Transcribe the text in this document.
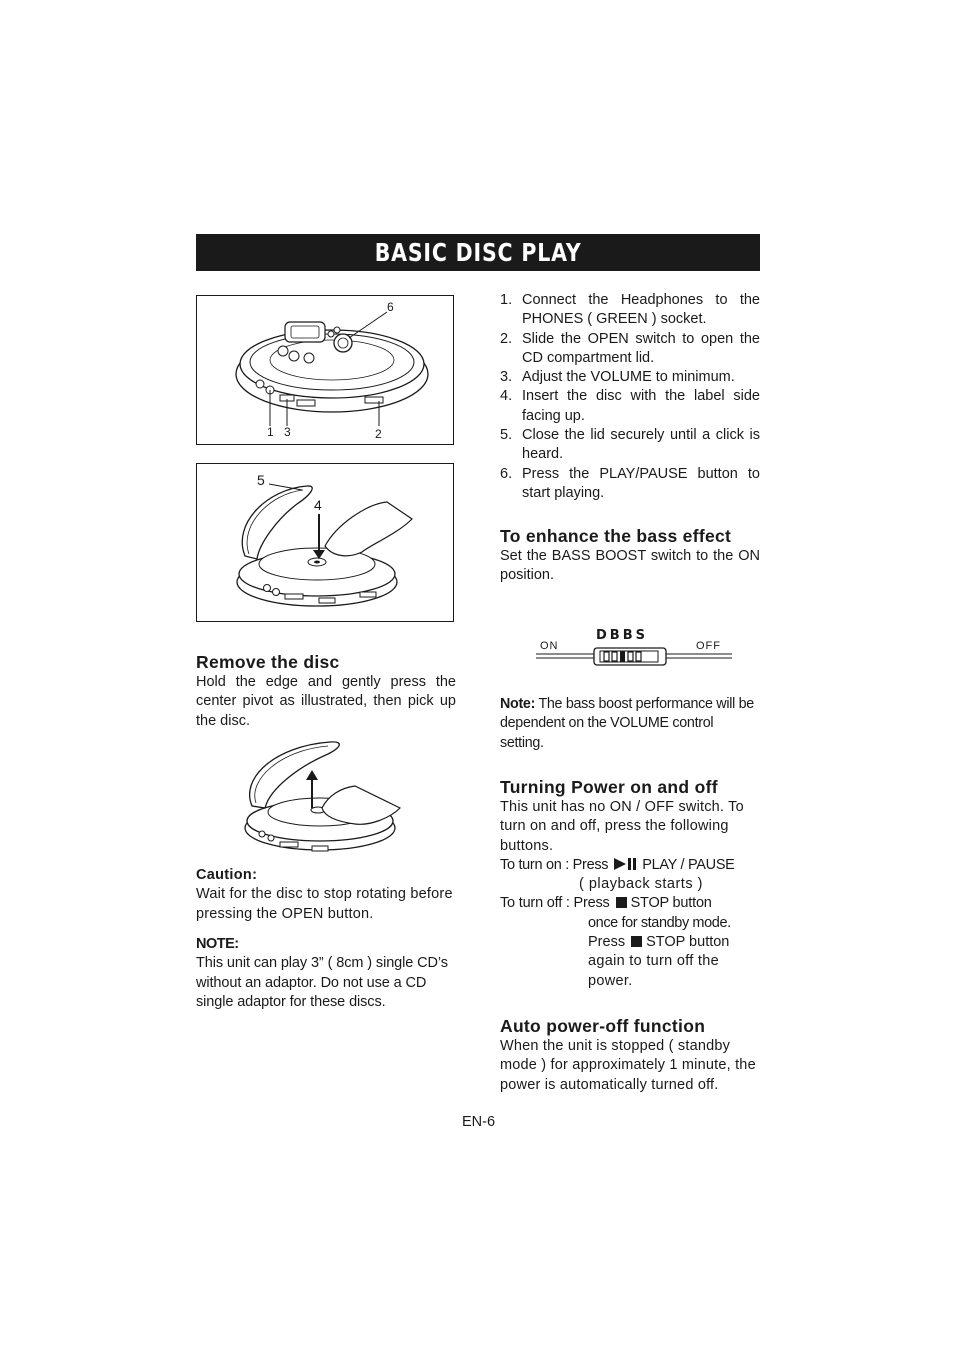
BASIC DISC PLAY
6
1 3	2
5
4
1. Connect the Headphones to the PHONES ( GREEN ) socket.
2. Slide the OPEN switch to open the CD compartment lid.
3. Adjust the VOLUME to minimum.
4. Insert the disc with the label side facing up.
5. Close the lid securely until a click is heard.
6. Press the PLAY/PAUSE button to start playing.
To enhance the bass effect
Set the BASS BOOST switch to the ON position.
DBBS
ON	OFF
Note: The bass boost performance will be dependent on the VOLUME control setting.
Turning Power on and off
This unit has no ON / OFF switch. To turn on and off, press the following buttons.
To turn on : Press PLAY / PAUSE
( playback starts )
To turn off : Press STOP button
once for standby mode.
Press STOP button
again to turn off the power.
Auto power-off function
When the unit is stopped ( standby mode ) for approximately 1 minute, the power is automatically turned off.
Remove the disc
Hold the edge and gently press the center pivot as illustrated, then pick up the disc.
Caution:
Wait for the disc to stop rotating before pressing the OPEN button.
NOTE:
This unit can play 3” ( 8cm ) single CD’s without an adaptor. Do not use a CD single adaptor for these discs.
EN-6
